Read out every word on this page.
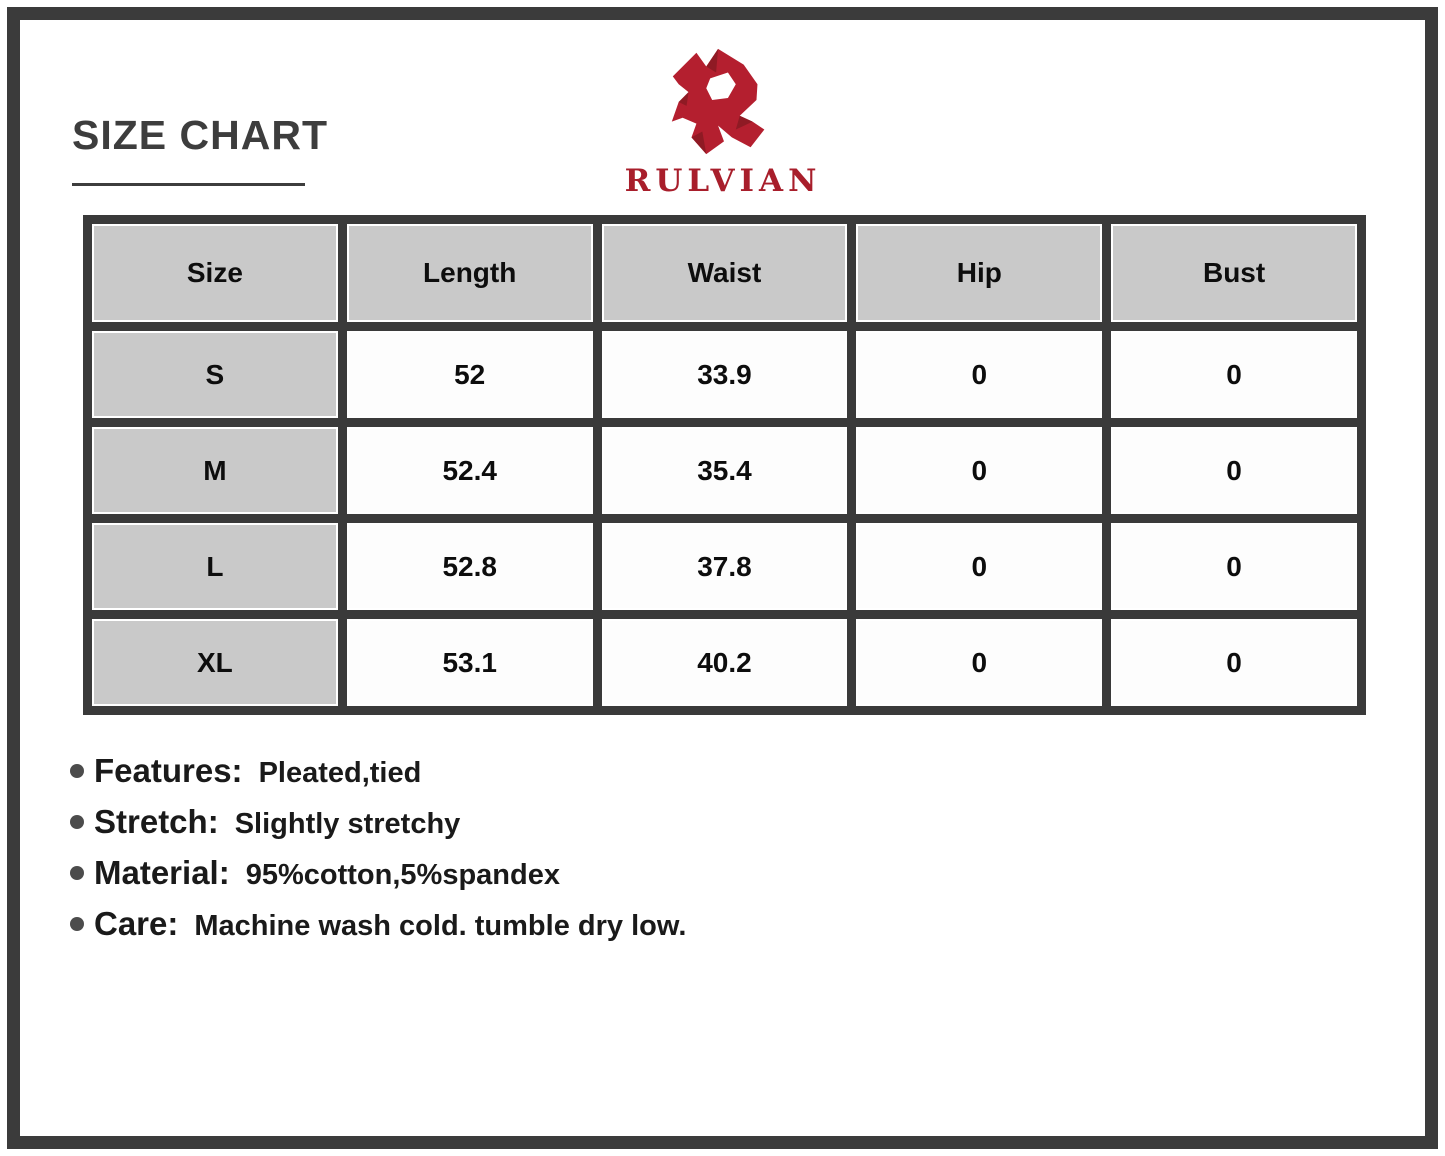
SIZE CHART
RULVIAN
Size	Length	Waist	Hip	Bust
S	52	33.9	0	0
M	52.4	35.4	0	0
L	52.8	37.8	0	0
XL	53.1	40.2	0	0
Features: Pleated,tied
Stretch: Slightly stretchy
Material: 95%cotton,5%spandex
Care: Machine wash cold. tumble dry low.
